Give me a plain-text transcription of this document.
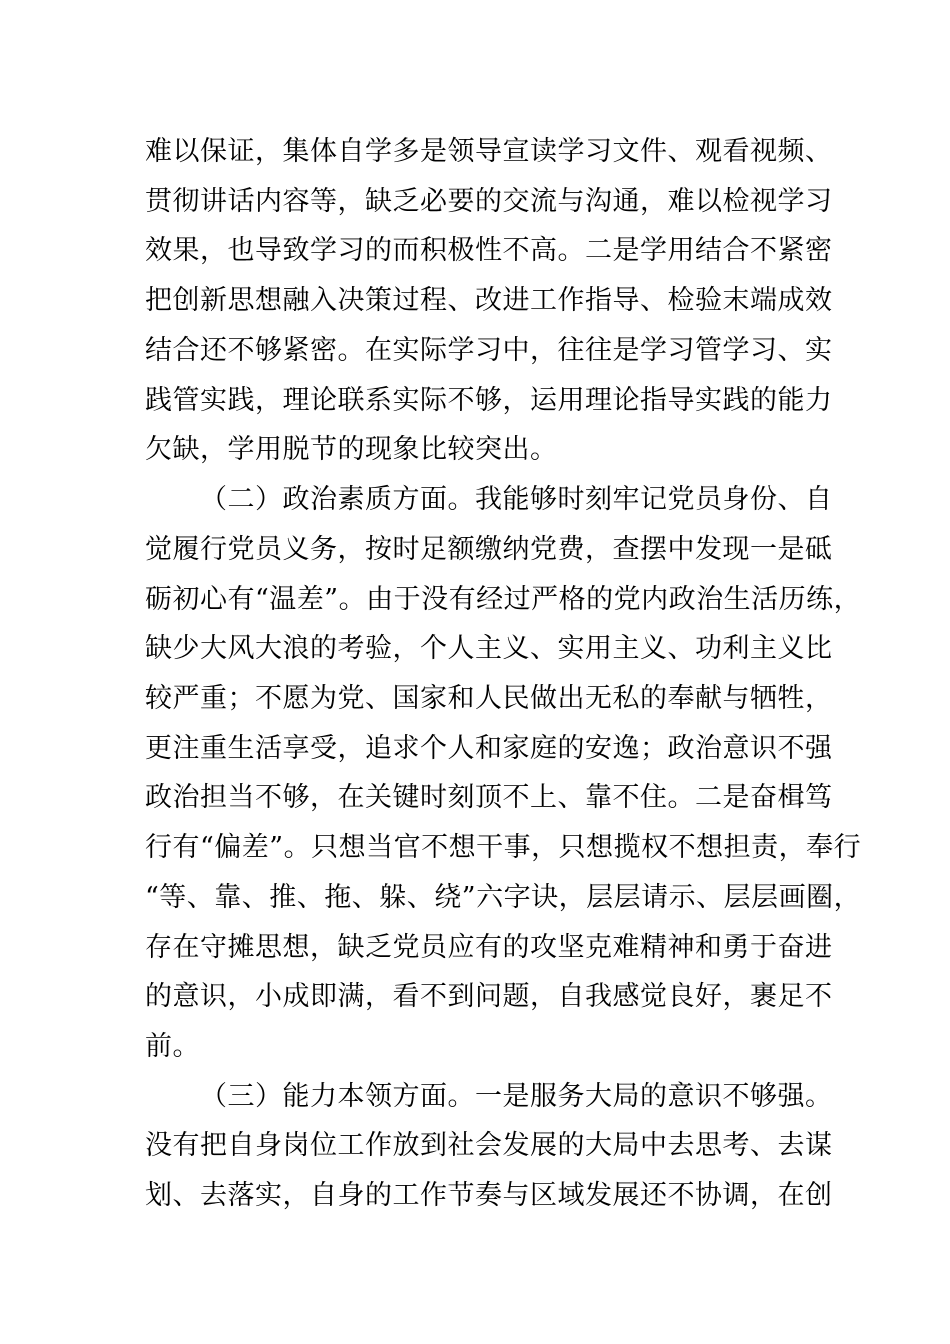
难以保证，集体自学多是领导宣读学习文件、观看视频、
贯彻讲话内容等，缺乏必要的交流与沟通，难以检视学习
效果，也导致学习的而积极性不高。二是学用结合不紧密
把创新思想融入决策过程、改进工作指导、检验末端成效
结合还不够紧密。在实际学习中，往往是学习管学习、实
践管实践，理论联系实际不够，运用理论指导实践的能力
欠缺，学用脱节的现象比较突出。
（二）政治素质方面。我能够时刻牢记党员身份、自
觉履行党员义务，按时足额缴纳党费，查摆中发现一是砥
砺初心有“温差”。由于没有经过严格的党内政治生活历练，
缺少大风大浪的考验，个人主义、实用主义、功利主义比
较严重；不愿为党、国家和人民做出无私的奉献与牺牲，
更注重生活享受，追求个人和家庭的安逸；政治意识不强
政治担当不够，在关键时刻顶不上、靠不住。二是奋楫笃
行有“偏差”。只想当官不想干事，只想揽权不想担责，奉行
“等、靠、推、拖、躲、绕”六字诀，层层请示、层层画圈，
存在守摊思想，缺乏党员应有的攻坚克难精神和勇于奋进
的意识，小成即满，看不到问题，自我感觉良好，裹足不
前。
（三）能力本领方面。一是服务大局的意识不够强。
没有把自身岗位工作放到社会发展的大局中去思考、去谋
划、去落实，自身的工作节奏与区域发展还不协调，在创
